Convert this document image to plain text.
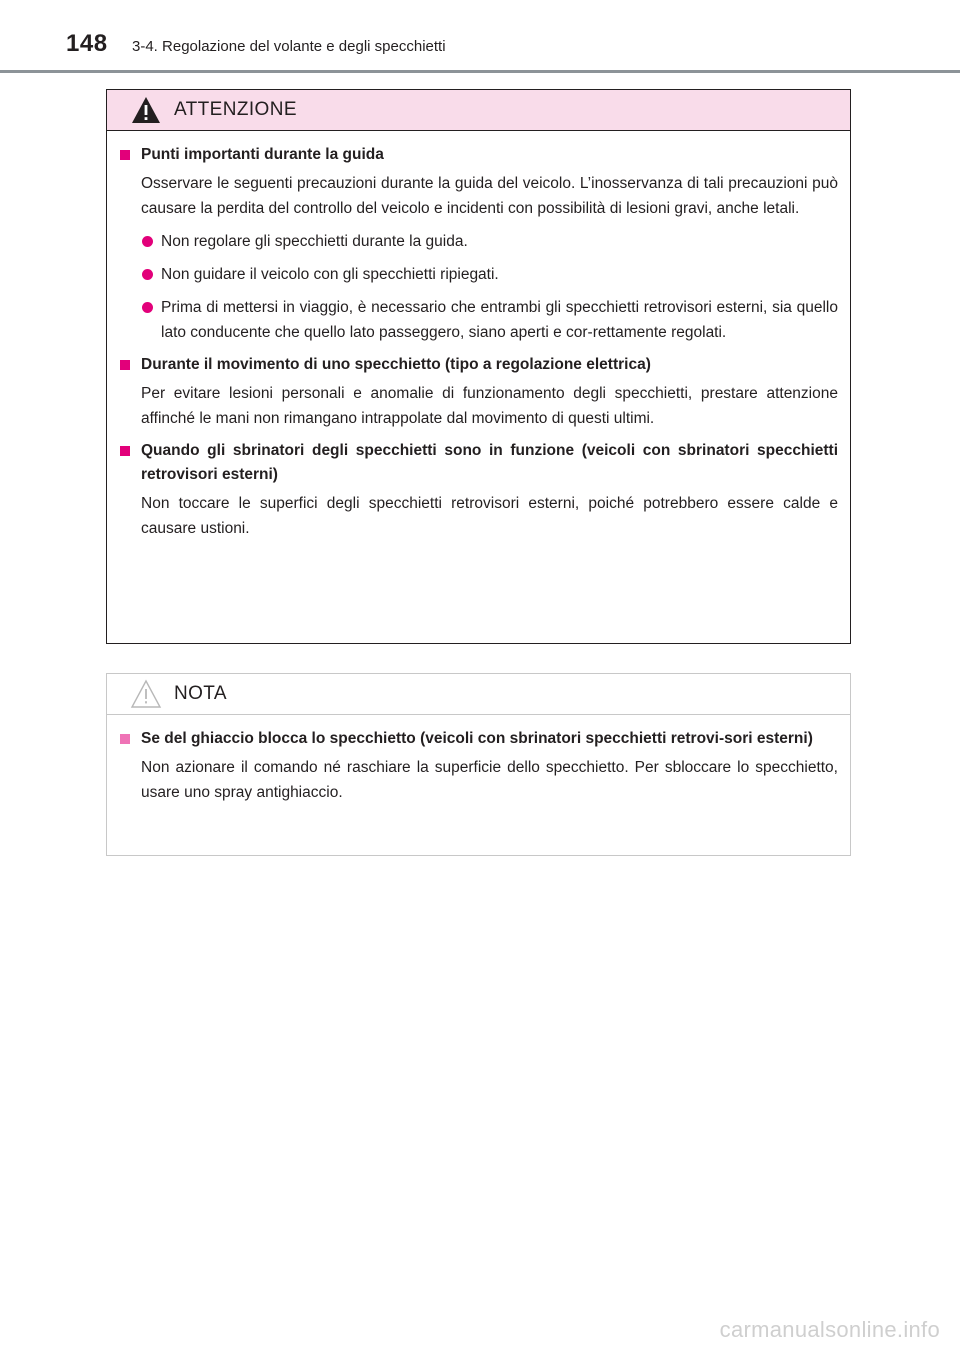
148 3-4. Regolazione del volante e degli specchietti
ATTENZIONE
Punti importanti durante la guida
Osservare le seguenti precauzioni durante la guida del veicolo. L’inosservanza di tali precauzioni può causare la perdita del controllo del veicolo e incidenti con possibilità di lesioni gravi, anche letali.
Non regolare gli specchietti durante la guida.
Non guidare il veicolo con gli specchietti ripiegati.
Prima di mettersi in viaggio, è necessario che entrambi gli specchietti retrovisori esterni, sia quello lato conducente che quello lato passeggero, siano aperti e cor-rettamente regolati.
Durante il movimento di uno specchietto (tipo a regolazione elettrica)
Per evitare lesioni personali e anomalie di funzionamento degli specchietti, prestare attenzione affinché le mani non rimangano intrappolate dal movimento di questi ultimi.
Quando gli sbrinatori degli specchietti sono in funzione (veicoli con sbrinatori specchietti retrovisori esterni)
Non toccare le superfici degli specchietti retrovisori esterni, poiché potrebbero essere calde e causare ustioni.
NOTA
Se del ghiaccio blocca lo specchietto (veicoli con sbrinatori specchietti retrovi-sori esterni)
Non azionare il comando né raschiare la superficie dello specchietto. Per sbloccare lo specchietto, usare uno spray antighiaccio.
carmanualsonline.info
